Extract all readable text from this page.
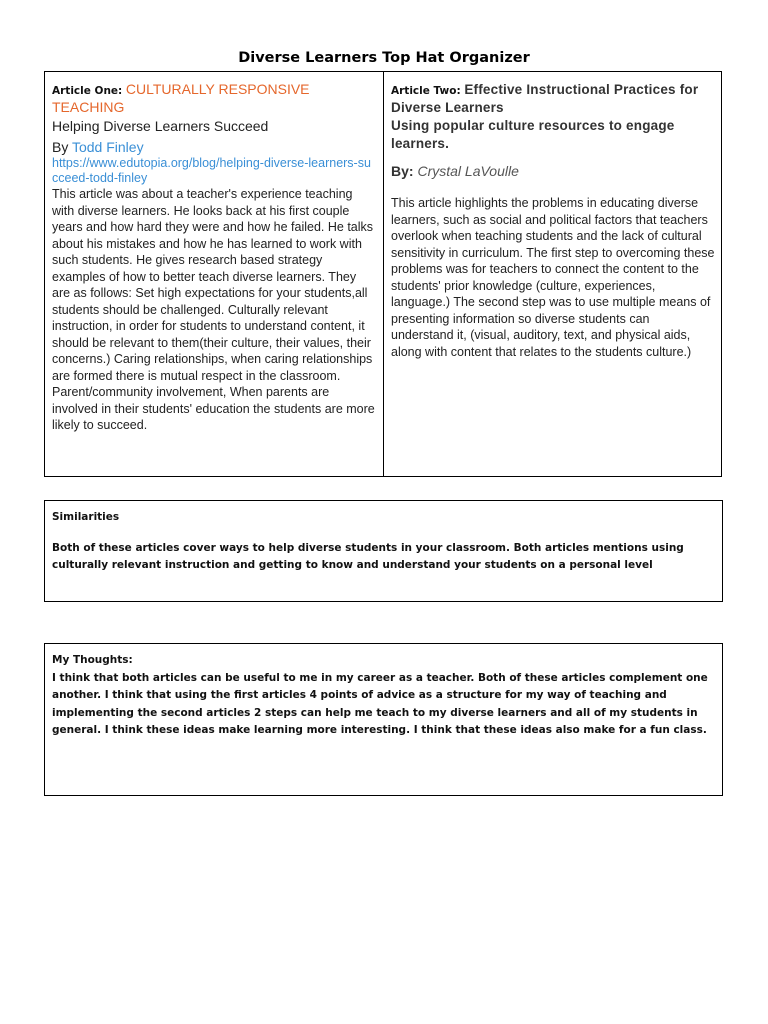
Diverse Learners Top Hat Organizer
Article One: CULTURALLY RESPONSIVE TEACHING
Helping Diverse Learners Succeed
By Todd Finley
https://www.edutopia.org/blog/helping-diverse-learners-succeed-todd-finley
This article was about a teacher's experience teaching with diverse learners. He looks back at his first couple years and how hard they were and how he failed. He talks about his mistakes and how he has learned to work with such students. He gives research based strategy examples of how to better teach diverse learners. They are as follows: Set high expectations for your students,all students should be challenged. Culturally relevant instruction, in order for students to understand content, it should be relevant to them(their culture, their values, their concerns.) Caring relationships, when caring relationships are formed there is mutual respect in the classroom. Parent/community involvement, When parents are involved in their students' education the students are more likely to succeed.
Article Two: Effective Instructional Practices for Diverse Learners
Using popular culture resources to engage learners.
By: Crystal LaVoulle
This article highlights the problems in educating diverse learners, such as social and political factors that teachers overlook when teaching students and the lack of cultural sensitivity in curriculum. The first step to overcoming these problems was for teachers to connect the content to the students' prior knowledge (culture, experiences, language.) The second step was to use multiple means of presenting information so diverse students can understand it, (visual, auditory, text, and physical aids, along with content that relates to the students culture.)
Similarities
Both of these articles cover ways to help diverse students in your classroom. Both articles mentions using culturally relevant instruction and getting to know and understand your students on a personal level
My Thoughts:
I think that both articles can be useful to me in my career as a teacher. Both of these articles complement one another. I think that using the first articles 4 points of advice as a structure for my way of teaching and implementing the second articles 2 steps can help me teach to my diverse learners and all of my students in general. I think these ideas make learning more interesting. I think that these ideas also make for a fun class.
